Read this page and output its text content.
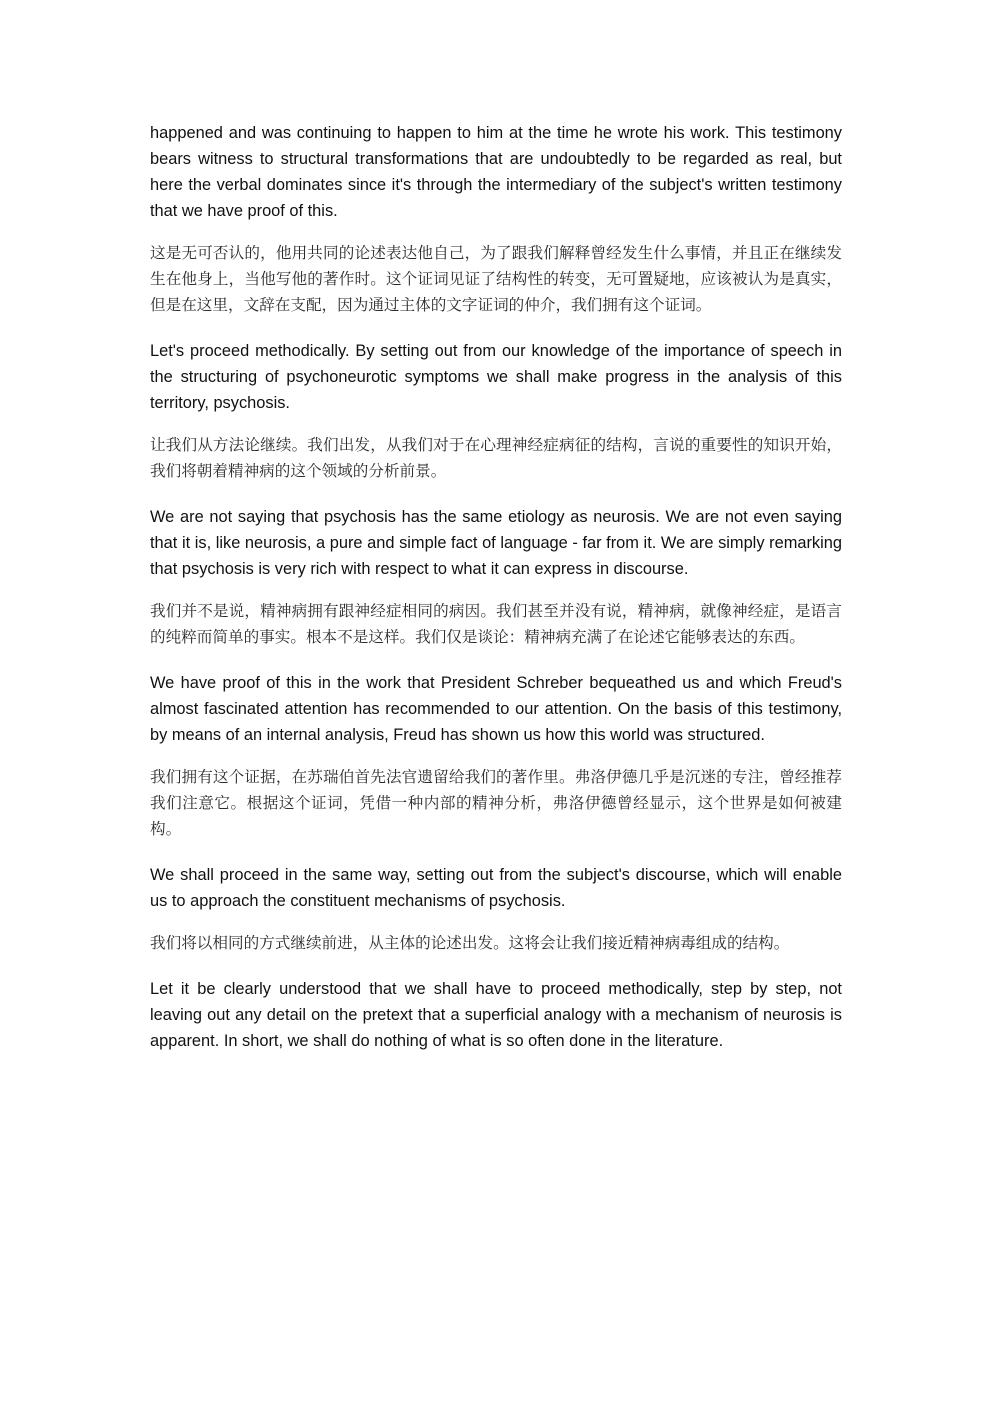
happened and was continuing to happen to him at the time he wrote his work. This testimony bears witness to structural transformations that are undoubtedly to be regarded as real, but here the verbal dominates since it's through the intermediary of the subject's written testimony that we have proof of this.

这是无可否认的，他用共同的论述表达他自己，为了跟我们解释曾经发生什么事情，并且正在继续发生在他身上，当他写他的著作时。这个证词见证了结构性的转变，无可置疑地，应该被认为是真实，但是在这里，文辞在支配，因为通过主体的文字证词的仲介，我们拥有这个证词。

Let's proceed methodically. By setting out from our knowledge of the importance of speech in the structuring of psychoneurotic symptoms we shall make progress in the analysis of this territory, psychosis.

让我们从方法论继续。我们出发，从我们对于在心理神经症病征的结构，言说的重要性的知识开始，我们将朝着精神病的这个领域的分析前景。

We are not saying that psychosis has the same etiology as neurosis. We are not even saying that it is, like neurosis, a pure and simple fact of language - far from it. We are simply remarking that psychosis is very rich with respect to what it can express in discourse.

我们并不是说，精神病拥有跟神经症相同的病因。我们甚至并没有说，精神病，就像神经症，是语言的纯粹而简单的事实。根本不是这样。我们仅是谈论：精神病充满了在论述它能够表达的东西。

We have proof of this in the work that President Schreber bequeathed us and which Freud's almost fascinated attention has recommended to our attention. On the basis of this testimony, by means of an internal analysis, Freud has shown us how this world was structured.

我们拥有这个证据，在苏瑞伯首先法官遗留给我们的著作里。弗洛伊德几乎是沉迷的专注，曾经推荐我们注意它。根据这个证词，凭借一种内部的精神分析，弗洛伊德曾经显示，这个世界是如何被建构。

We shall proceed in the same way, setting out from the subject's discourse, which will enable us to approach the constituent mechanisms of psychosis.

我们将以相同的方式继续前进，从主体的论述出发。这将会让我们接近精神病毒组成的结构。

Let it be clearly understood that we shall have to proceed methodically, step by step, not leaving out any detail on the pretext that a superficial analogy with a mechanism of neurosis is apparent. In short, we shall do nothing of what is so often done in the literature.
